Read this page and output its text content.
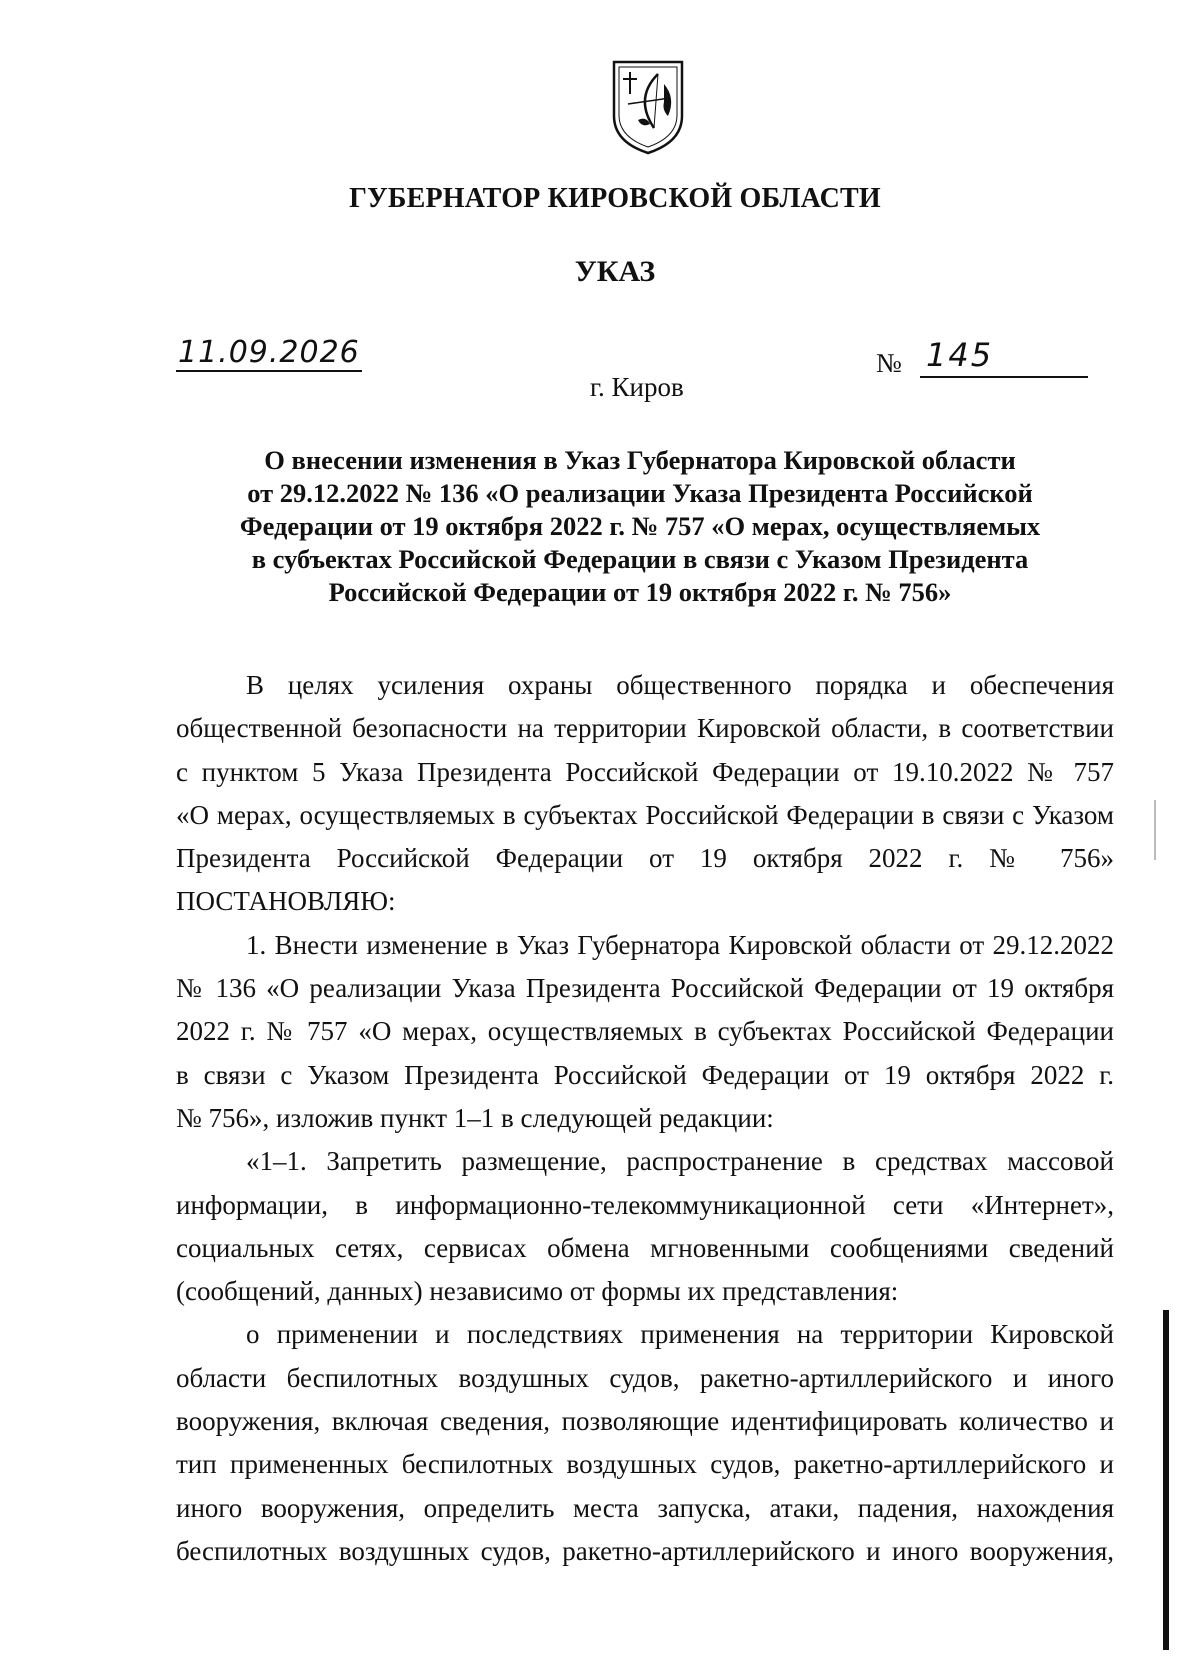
ГУБЕРНАТОР КИРОВСКОЙ ОБЛАСТИ
УКАЗ
11.09.2026	№ 145
г. Киров
О внесении изменения в Указ Губернатора Кировской области
от 29.12.2022 № 136 «О реализации Указа Президента Российской
Федерации от 19 октября 2022 г. № 757 «О мерах, осуществляемых
в субъектах Российской Федерации в связи с Указом Президента
Российской Федерации от 19 октября 2022 г. № 756»
В целях усиления охраны общественного порядка и обеспечения
общественной безопасности на территории Кировской области, в соответствии
с пунктом 5 Указа Президента Российской Федерации от 19.10.2022 № 757
«О мерах, осуществляемых в субъектах Российской Федерации в связи с Указом
Президента Российской Федерации от 19 октября 2022 г. № 756»
ПОСТАНОВЛЯЮ:
1. Внести изменение в Указ Губернатора Кировской области от 29.12.2022
№ 136 «О реализации Указа Президента Российской Федерации от 19 октября
2022 г. № 757 «О мерах, осуществляемых в субъектах Российской Федерации
в связи с Указом Президента Российской Федерации от 19 октября 2022 г.
№ 756», изложив пункт 1–1 в следующей редакции:
«1–1. Запретить размещение, распространение в средствах массовой
информации, в информационно-телекоммуникационной сети «Интернет»,
социальных сетях, сервисах обмена мгновенными сообщениями сведений
(сообщений, данных) независимо от формы их представления:
о применении и последствиях применения на территории Кировской
области беспилотных воздушных судов, ракетно-артиллерийского и иного
вооружения, включая сведения, позволяющие идентифицировать количество и
тип примененных беспилотных воздушных судов, ракетно-артиллерийского и
иного вооружения, определить места запуска, атаки, падения, нахождения
беспилотных воздушных судов, ракетно-артиллерийского и иного вооружения,
